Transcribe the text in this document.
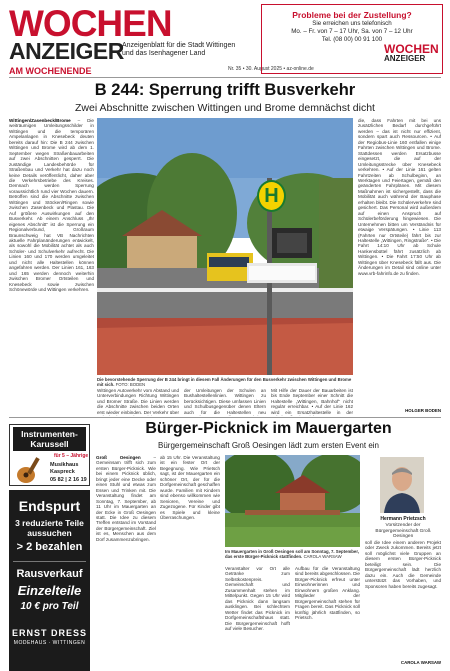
WOCHEN
ANZEIGER
Anzeigenblatt für die Stadt Wittingen und das Isenhagener Land
AM WOCHENENDE	Nr. 35 • 30. August 2025 • az-online.de
Probleme bei der Zustellung?
Sie erreichen uns telefonisch
Mo. – Fr. von 7 – 17 Uhr, Sa. von 7 – 12 Uhr
Tel. (08 00) 00 91 100
WOCHEN
ANZEIGER
B 244: Sperrung trifft Busverkehr
Zwei Abschnitte zwischen Wittingen und Brome demnächst dicht
Wittingen/Zasenbeck/Brome – Die weiträumigen Umleitungsschilder in Wittingen und die temporären Ampelanlagen in Knesebeck deuten bereits darauf hin: Die B 244 zwischen Wittingen und Brome wird ab dem 1. September wegen Straßenbauarbeiten auf zwei Abschnitten gesperrt. Die zuständige Landesbehörde für Straßenbau und Verkehr hat dazu noch keine Details veröffentlicht, daher aber die Verkehrsbetriebe des Kreises. Demnach werden Sperrung voraussichtlich rund vier Wochen dauern. Betroffen sind die Abschnitte zwischen Wittingen und Stöcken/Ringen sowie zwischen Zasenbeck und Plastau. Die Auf größere Auswirkungen auf den Busverkehr. Ab einem Anschluss „Ihr eigenes Abschnitt“ ist die Sperrung ein Regionalverbund, Großraum Braunschweig hat VB Nachrichten aktuelle Fahrplanänderungen entwickelt, als sowohl die Mobilität achtet als auch Schüler- und Schulverkehr aufrecht. Die Linien 160 und 170 werden umgeleitet und nicht alle Haltestellen können angefahren werden. Der Linien 161, 163 und 165 werden dennoch weiterhin zwischen Bromer Ortsteilen und Knesebeck sowie zwischen Schönewörde und Wittingen verkehren.
H
Die bevorstehende Sperrung der B 244 bringt in diesem Fall Änderungen für den Busverkehr zwischen Wittingen und Brome mit sich. FOTO: BODEN
Wittingen Autoverkehr vom Abstand und Unterverbindungen Richtung Wittingen und Bromer Straße. Die Linien werden die Abschnitte zwischen beiden Orten erst wieder einbinden. Der Verkehr über
der Umleitungen der Schulen an Bushaltestellenlinien. Wittingen zu berücksichtigen. Diese umfassen Linien und Schulbusgegenüber denen Eltern auch für die Haltestellen neu
Mit Hilfe der Dauer der Bauarbeiten ist bis Ende September einer Schnitt die Haltestelle „Wittingen, Bahnhof“ nicht regulär erreichbar. • Auf der Linie 162 wird ein Ersatzhaltestelle in der
die, dass Fahrten mit bei uns zusätzlichen Bedarf durchgeführt werden – das ist nicht nur effizient, sondern spart auch Ressourcen. • Auf der Regiobus-Linie 160 entfallen einige Fahrten zwischen Wittingen und Brome. Stattdessen werden Ersatzbusse eingesetzt, die auf der Umleitungsstrecke über Knesebeck verkehren. • Auf der Linie 161 gelten Fahrtzeiten ab Schulbeginn, an Werktagen und Feiertagen, gemäß den geänderten Fahrplänen. Mit diesem Maßnahmen ist sichergestellt, dass die Mobilität auch während der Bauphase erhalten bleibt. Die Schülerverkehre sind gesichert. Das Personal wird außerdem auf einen Anspruch auf Schülerbeförderung hingewiesen. Die Unternehmen bitten um Verständnis für etwaige Verspätungen. • Linie 113 (Fahrten nur Ortsteile) fährt bis zur Haltestelle „Wittingen, Ringstraße“. • Die Fahrt 14:10 Uhr ab Schule Hankensbüttel fährt zusätzlich ab Wittingen. • Die Fahrt 17:50 Uhr ab Wittingen über Knesebeck fällt aus. Die Änderungen im Detail sind online unter www.vrb-fahrinfo.de zu finden.
HOLGER BODEN
Instrumenten-Karussell
für 5 – Jährige
Musikhaus Kaspreck
05 82 | 2 16 19
Endspurt
3 reduzierte Teile aussuchen
> 2 bezahlen
Rausverkauf
Einzelteile
10 € pro Teil
ERNST DRESS
MODEHAUS · WITTINGEN
Bürger-Picknick im Mauergarten
Bürgergemeinschaft Groß Oesingen lädt zum ersten Event ein
Groß Oesingen	– Gemeinsam trifft sich zum ersten Bürger-Picknick. Wie bei einem Picknick üblich, bringt jeder eine Decke oder einen Stuhl und etwas zum Essen und Trinken mit. Die Veranstaltung findet am Sonntag, 7. September, ab 11 Uhr im Mauergarten an der Ecke in Groß Oesingen statt. Die Idee zu diesem Treffen entstand im Vorstand der Bürgergemeinschaft. Ziel ist es, Menschen aus dem Dorf zusammenzubringen.
ab 15 Uhr. Die Veranstaltung ist ein fester Ort der Begegnung. Wie Prietsch sagt, ist der Mauergarten ein schöner Ort, der für die Dorfgemeinschaft geschaffen wurde. Familien mit Kindern sind ebenso willkommen wie Senioren, Vereine und Zugezogene. Für Kinder gibt es Spiele und kleine Überraschungen.
Im Mauergarten in Groß Oesingen soll am Sonntag, 7. September, das erste Bürger-Picknick stattfinden. CAROLA WARSAW
Veranstalter vor Ort alle Getränke zum Selbstkostenpreis. Gemeinschaft und Zusammenhalt stehen im Mittelpunkt. Gegen 15 Uhr wird das Picknick dann langsam ausklingen. Bei schlechtem Wetter findet das Picknick im Dorfgemeinschaftshaus statt. Die Bürgergemeinschaft hofft auf viele Besucher.
Aufbau für die Veranstaltung sind bereits abgeschlossen. Die Bürger-Picknick erfreut unter Einwohnerinnen und Einwohnern großen Anklang. Mitglieder der Bürgergemeinschaft stehen für Fragen bereit. Das Picknick soll künftig jährlich stattfinden, so Prietsch.
Hermann Prietzsch
Vorsitzender der Bürgergemeinschaft Groß Oesingen
soll die Idee einem anderen Projekt oder Zweck zukommen. Bereits jetzt soll möglichst viele Gruppen an diesem ersten Bürger-Picknick beteiligt sein. Die Bürgergemeinschaft lädt herzlich dazu ein. Auch die Gemeinde unterstützt das Vorhaben, und Sponsoren haben bereits zugesagt.
CAROLA WARSAW
